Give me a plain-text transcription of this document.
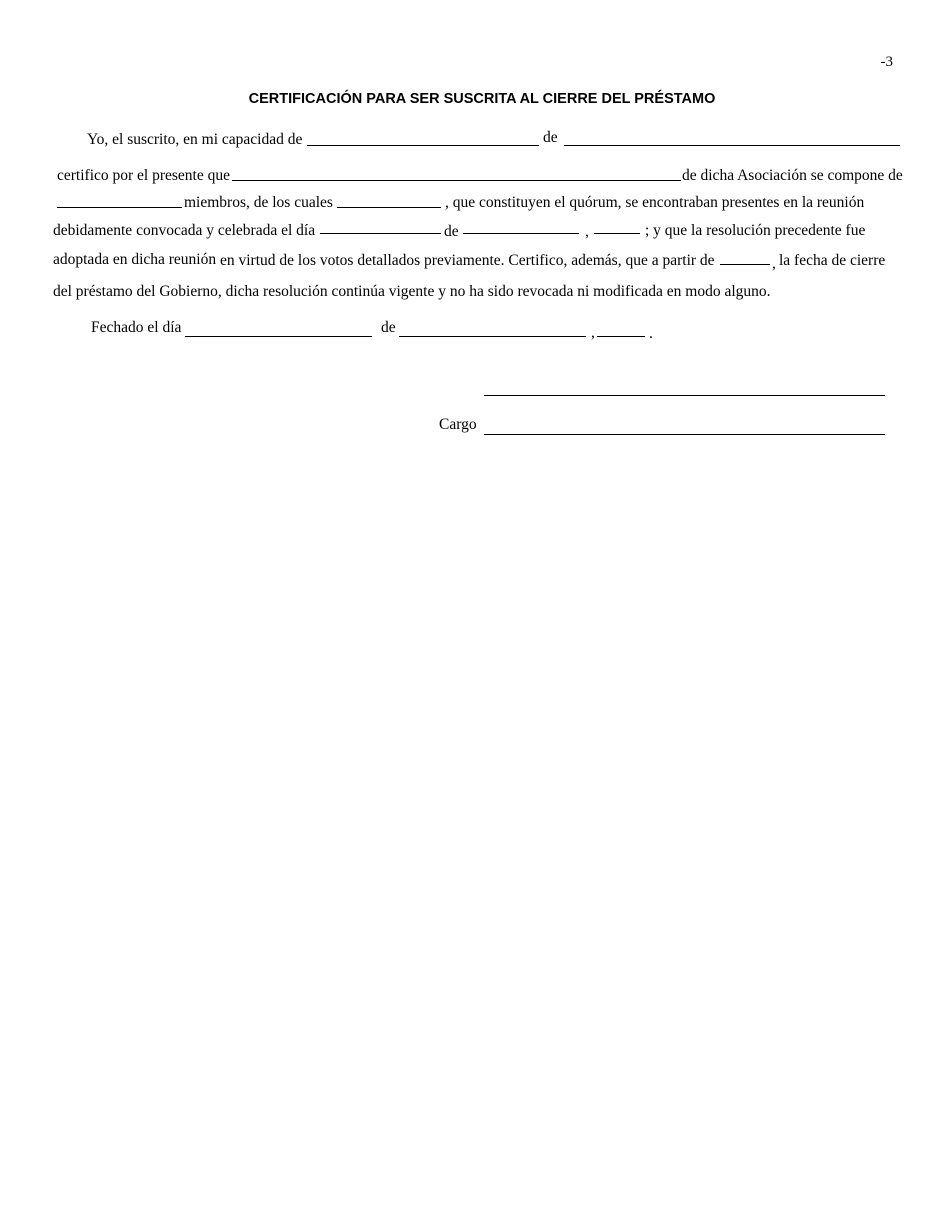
-3
CERTIFICACIÓN PARA SER SUSCRITA AL CIERRE DEL PRÉSTAMO
Yo, el suscrito, en mi capacidad de	de
certifico por el presente que	de dicha Asociación se compone de
miembros, de los cuales	, que constituyen el quórum, se encontraban presentes en la reunión
debidamente convocada y celebrada el día	de	,	; y que la resolución precedente fue
adoptada en dicha reunión en virtud de los votos detallados previamente. Certifico, además, que a partir de	, la fecha de cierre
del préstamo del Gobierno, dicha resolución continúa vigente y no ha sido revocada ni modificada en modo alguno.
Fechado el día	de	,	.
Cargo
